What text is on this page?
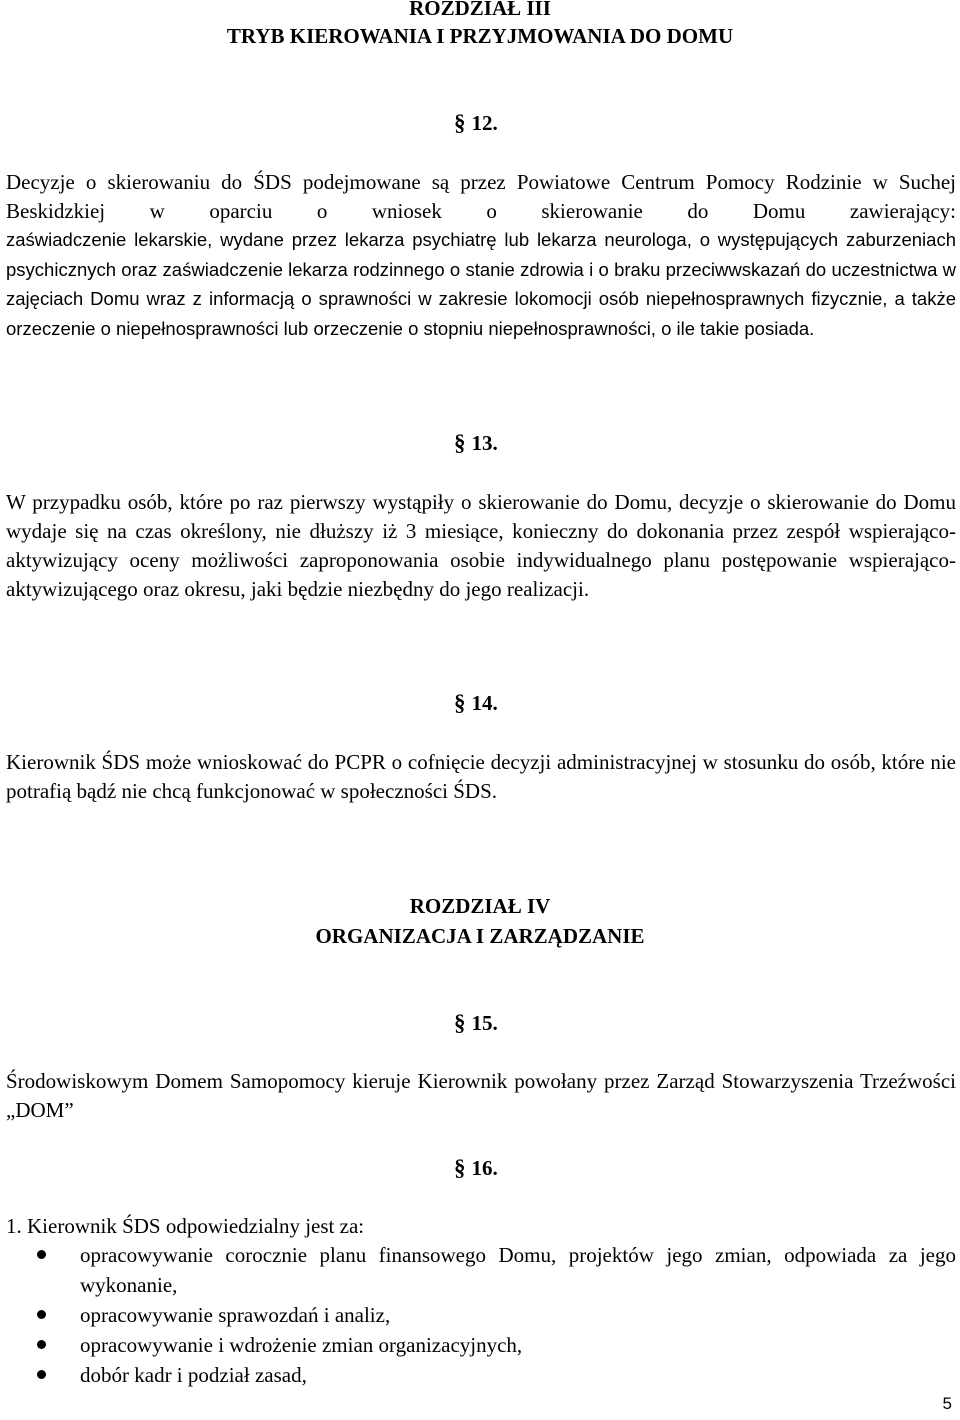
ROZDZIAŁ III
TRYB KIEROWANIA I PRZYJMOWANIA DO DOMU
§ 12.

Decyzje o skierowaniu do ŚDS podejmowane są przez Powiatowe Centrum Pomocy Rodzinie w Suchej Beskidzkiej w oparciu o wniosek o skierowanie do Domu zawierający:

zaświadczenie lekarskie, wydane przez lekarza psychiatrę lub lekarza neurologa, o występujących zaburzeniach psychicznych oraz zaświadczenie lekarza rodzinnego o stanie zdrowia i o braku przeciwwskazań do uczestnictwa w zajęciach Domu wraz z informacją o sprawności w zakresie lokomocji osób niepełnosprawnych fizycznie, a także orzeczenie o niepełnosprawności lub orzeczenie o stopniu niepełnosprawności, o ile takie posiada.

§ 13.

W przypadku osób, które po raz pierwszy wystąpiły o skierowanie do Domu, decyzje o skierowanie do Domu wydaje się na czas określony, nie dłuższy iż 3 miesiące, konieczny do dokonania przez zespół wspierająco- aktywizujący oceny możliwości zaproponowania osobie indywidualnego planu postępowanie wspierająco- aktywizującego oraz okresu, jaki będzie niezbędny do jego realizacji.

§ 14.

Kierownik ŚDS może wnioskować do PCPR o cofnięcie decyzji administracyjnej w stosunku do osób, które nie potrafią bądź nie chcą funkcjonować w społeczności ŚDS.

ROZDZIAŁ IV
ORGANIZACJA I ZARZĄDZANIE
§ 15.

Środowiskowym Domem Samopomocy kieruje Kierownik powołany przez Zarząd Stowarzyszenia Trzeźwości „DOM”

§ 16.

1. Kierownik ŚDS odpowiedzialny jest za:

opracowywanie corocznie planu finansowego Domu, projektów jego zmian, odpowiada za jego wykonanie,
opracowywanie sprawozdań i analiz,
opracowywanie i wdrożenie zmian organizacyjnych,
dobór kadr i podział zasad,
5
